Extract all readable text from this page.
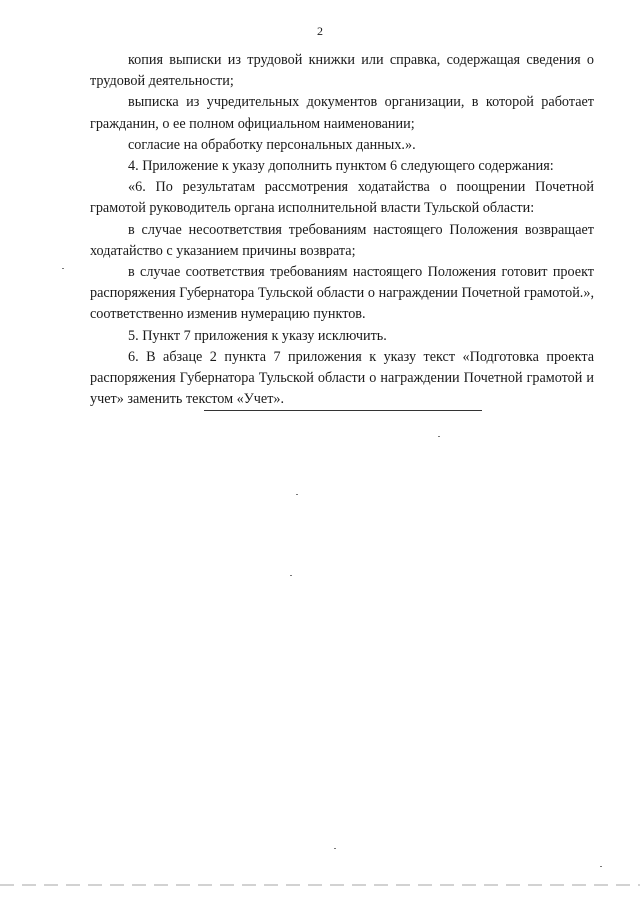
2

копия выписки из трудовой книжки или справка, содержащая сведения о трудовой деятельности;

выписка из учредительных документов организации, в которой работает гражданин, о ее полном официальном наименовании;

согласие на обработку персональных данных.».

4. Приложение к указу дополнить пунктом 6 следующего содержания:

«6. По результатам рассмотрения ходатайства о поощрении Почетной грамотой руководитель органа исполнительной власти Тульской области:

в случае несоответствия требованиям настоящего Положения возвращает ходатайство с указанием причины возврата;

в случае соответствия требованиям настоящего Положения готовит проект распоряжения Губернатора Тульской области о награждении Почетной грамотой.», соответственно изменив нумерацию пунктов.

5. Пункт 7 приложения к указу исключить.

6. В абзаце 2 пункта 7 приложения к указу текст «Подготовка проекта распоряжения Губернатора Тульской области о награждении Почетной грамотой и учет» заменить текстом «Учет».
